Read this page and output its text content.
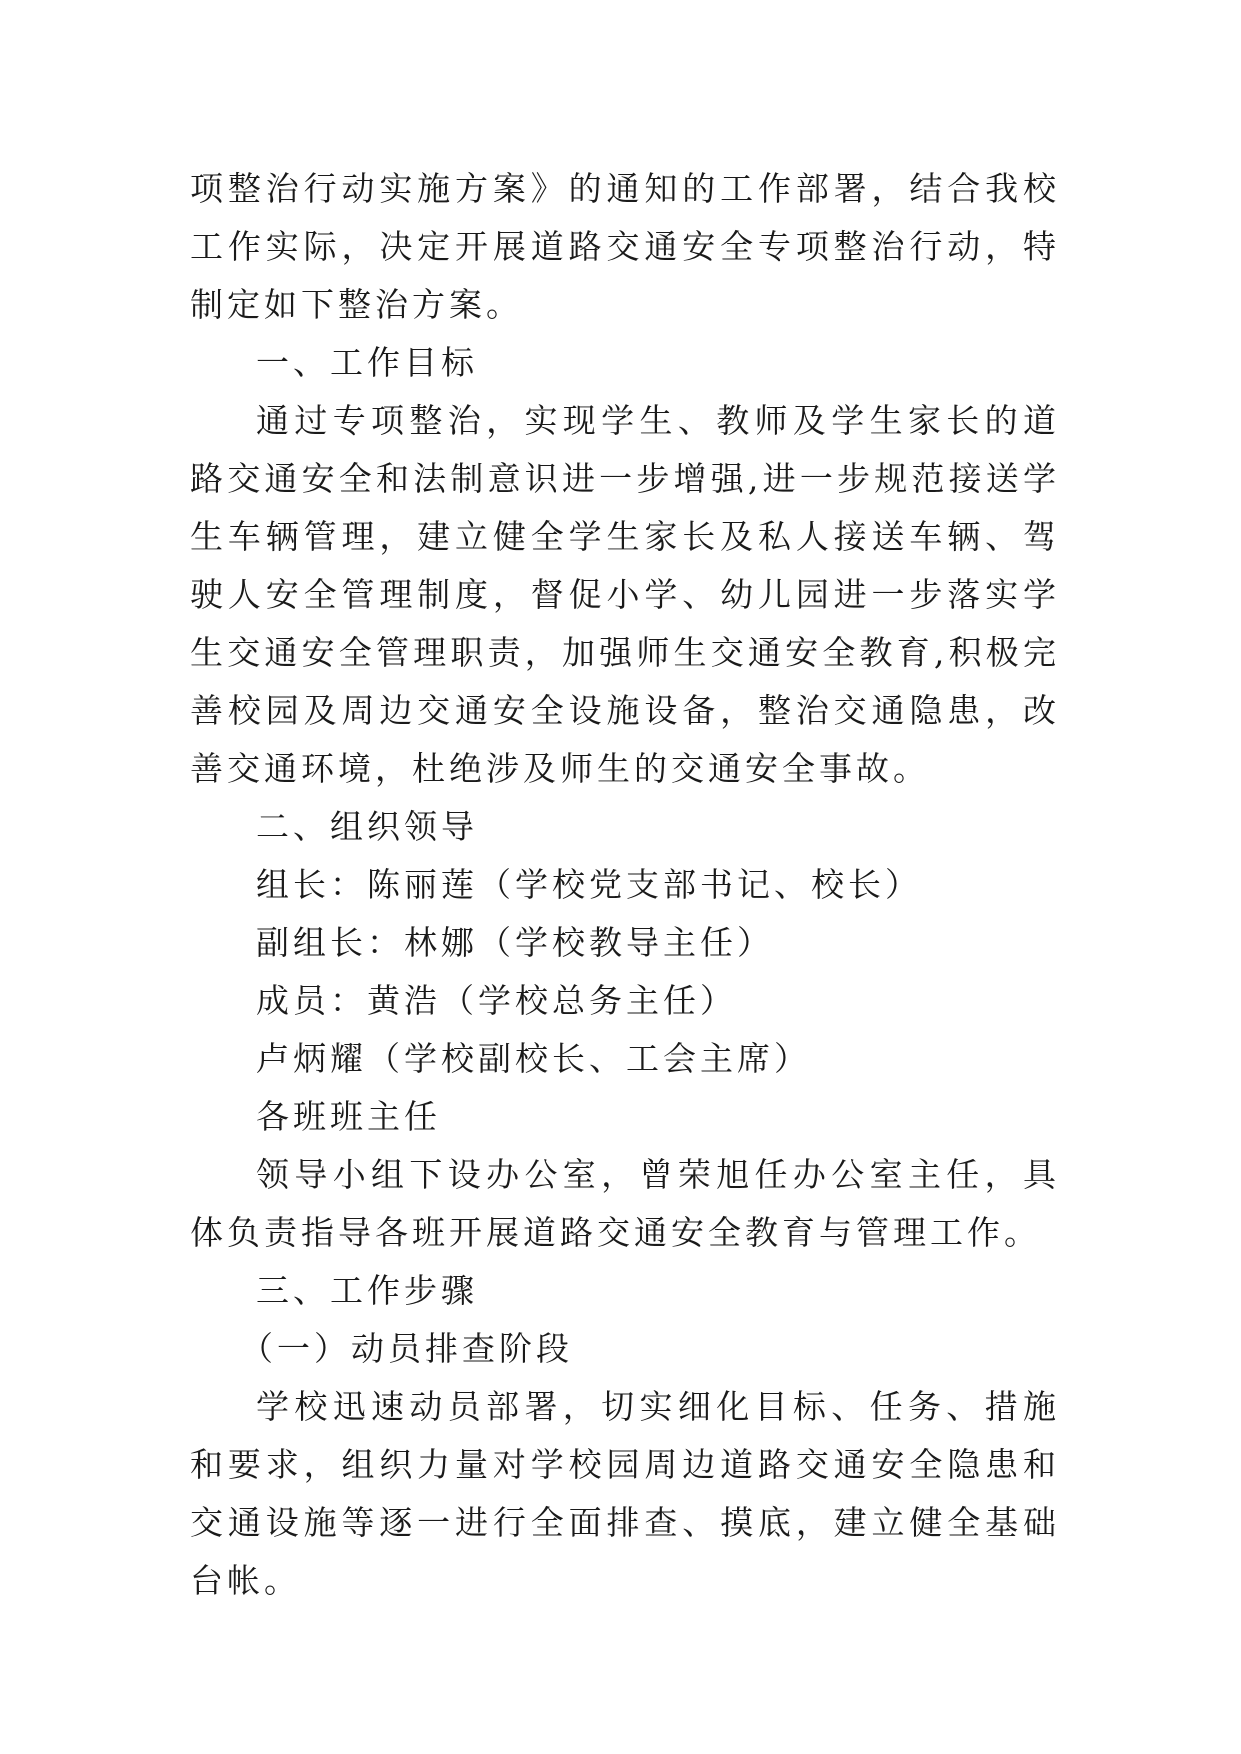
项整治行动实施方案》的通知的工作部署，结合我校工作实际，决定开展道路交通安全专项整治行动，特制定如下整治方案。

一、工作目标

通过专项整治，实现学生、教师及学生家长的道路交通安全和法制意识进一步增强,进一步规范接送学生车辆管理，建立健全学生家长及私人接送车辆、驾驶人安全管理制度，督促小学、幼儿园进一步落实学生交通安全管理职责，加强师生交通安全教育,积极完善校园及周边交通安全设施设备，整治交通隐患，改善交通环境，杜绝涉及师生的交通安全事故。

二、组织领导

组长：陈丽莲（学校党支部书记、校长）

副组长：林娜（学校教导主任）

成员：黄浩（学校总务主任）

卢炳耀（学校副校长、工会主席）

各班班主任

领导小组下设办公室，曾荣旭任办公室主任，具体负责指导各班开展道路交通安全教育与管理工作。

三、工作步骤

（一）动员排查阶段

学校迅速动员部署，切实细化目标、任务、措施和要求，组织力量对学校园周边道路交通安全隐患和交通设施等逐一进行全面排查、摸底，建立健全基础台帐。
